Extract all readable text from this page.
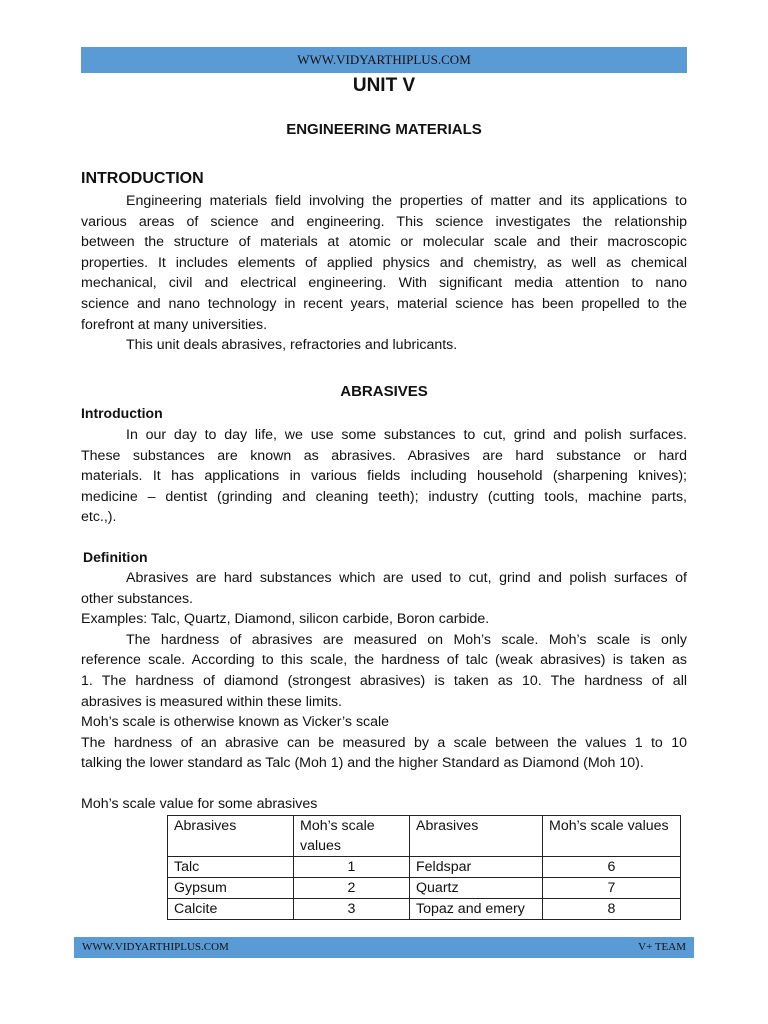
WWW.VIDYARTHIPLUS.COM
UNIT V
ENGINEERING MATERIALS
INTRODUCTION
Engineering materials field involving the properties of matter and its applications to
various areas of science and engineering. This science investigates the relationship
between the structure of materials at atomic or molecular scale and their macroscopic
properties. It includes elements of applied physics and chemistry, as well as chemical
mechanical, civil and electrical engineering. With significant media attention to nano
science and nano technology in recent years, material science has been propelled to the
forefront at many universities.
This unit deals abrasives, refractories and lubricants.
ABRASIVES
Introduction
In our day to day life, we use some substances to cut, grind and polish surfaces.
These substances are known as abrasives. Abrasives are hard substance or hard
materials. It has applications in various fields including household (sharpening knives);
medicine – dentist (grinding and cleaning teeth); industry (cutting tools, machine parts,
etc.,).
Definition
Abrasives are hard substances which are used to cut, grind and polish surfaces of
other substances.
Examples: Talc, Quartz, Diamond, silicon carbide, Boron carbide.
The hardness of abrasives are measured on Moh’s scale. Moh’s scale is only
reference scale. According to this scale, the hardness of talc (weak abrasives) is taken as
1. The hardness of diamond (strongest abrasives) is taken as 10. The hardness of all
abrasives is measured within these limits.
Moh’s scale is otherwise known as Vicker’s scale
The hardness of an abrasive can be measured by a scale between the values 1 to 10
talking the lower standard as Talc (Moh 1) and the higher Standard as Diamond (Moh 10).
Moh’s scale value for some abrasives
Abrasives	Moh’s scale values	Abrasives	Moh’s scale values
Talc	1	Feldspar	6
Gypsum	2	Quartz	7
Calcite	3	Topaz and emery	8
WWW.VIDYARTHIPLUS.COM	V+ TEAM
